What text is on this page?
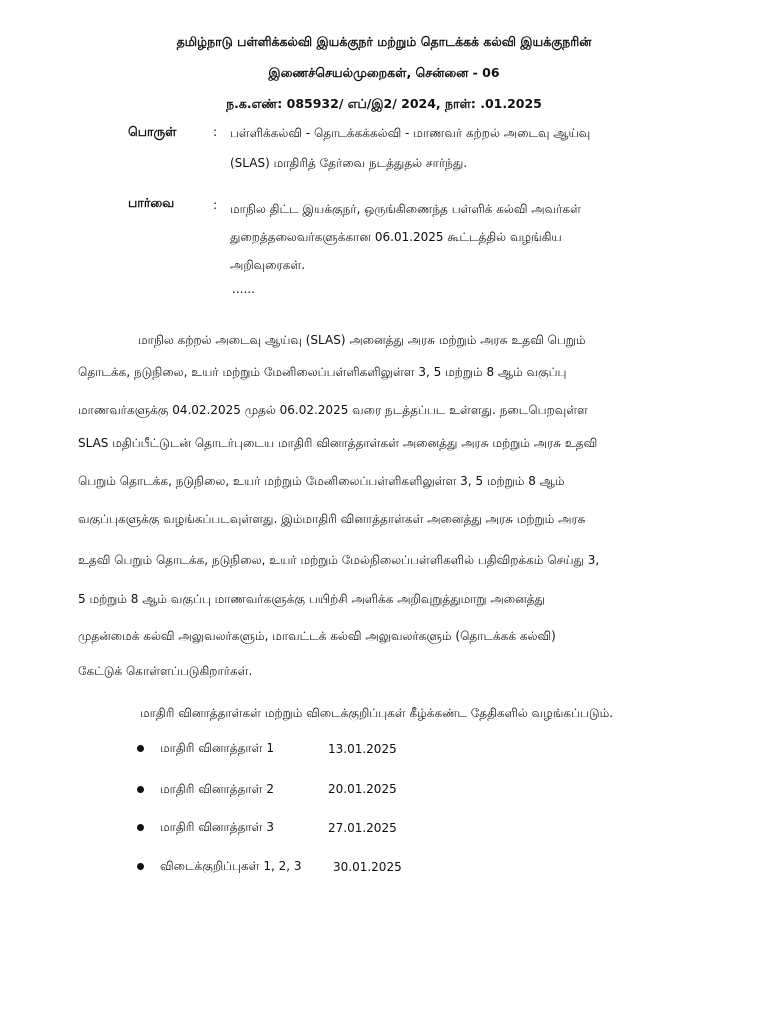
தமிழ்நாடு பள்ளிக்கல்வி இயக்குநர் மற்றும் தொடக்கக் கல்வி இயக்குநரின்
இணைச்செயல்முறைகள், சென்னை - 06
ந.க.எண்: 085932/ எப்/இ2/ 2024, நாள்: .01.2025
பொருள்	: பள்ளிக்கல்வி - தொடக்கக்கல்வி - மாணவர் கற்றல் அடைவு ஆய்வு
(SLAS) மாதிரித் தேர்வை நடத்துதல் சார்ந்து.
பார்வை	: மாநில திட்ட இயக்குநர், ஒருங்கிணைந்த பள்ளிக் கல்வி அவர்கள்
துறைத்தலைவர்களுக்கான 06.01.2025 கூட்டத்தில் வழங்கிய
அறிவுரைகள்.
......
மாநில கற்றல் அடைவு ஆய்வு (SLAS) அனைத்து அரசு மற்றும் அரசு உதவி பெறும்
தொடக்க, நடுநிலை, உயர் மற்றும் மேனிலைப்பள்ளிகளிலுள்ள 3, 5 மற்றும் 8 ஆம் வகுப்பு
மாணவர்களுக்கு 04.02.2025 முதல் 06.02.2025 வரை நடத்தப்பட உள்ளது. நடைபெறவுள்ள
SLAS மதிப்பீட்டுடன் தொடர்புடைய மாதிரி வினாத்தாள்கள் அனைத்து அரசு மற்றும் அரசு உதவி
பெறும் தொடக்க, நடுநிலை, உயர் மற்றும் மேனிலைப்பள்ளிகளிலுள்ள 3, 5 மற்றும் 8 ஆம்
வகுப்புகளுக்கு வழங்கப்படவுள்ளது. இம்மாதிரி வினாத்தாள்கள் அனைத்து அரசு மற்றும் அரசு
உதவி பெறும் தொடக்க, நடுநிலை, உயர் மற்றும் மேல்நிலைப்பள்ளிகளில் பதிவிறக்கம் செய்து 3,
5 மற்றும் 8 ஆம் வகுப்பு மாணவர்களுக்கு பயிற்சி அளிக்க அறிவுறுத்துமாறு அனைத்து
முதன்மைக் கல்வி அலுவலர்களும், மாவட்டக் கல்வி அலுவலர்களும் (தொடக்கக் கல்வி)
கேட்டுக் கொள்ளப்படுகிறார்கள்.
மாதிரி வினாத்தாள்கள் மற்றும் விடைக்குறிப்புகள் கீழ்க்கண்ட தேதிகளில் வழங்கப்படும்.
மாதிரி வினாத்தாள் 1	13.01.2025
மாதிரி வினாத்தாள் 2	20.01.2025
மாதிரி வினாத்தாள் 3	27.01.2025
விடைக்குறிப்புகள் 1, 2, 3	30.01.2025
